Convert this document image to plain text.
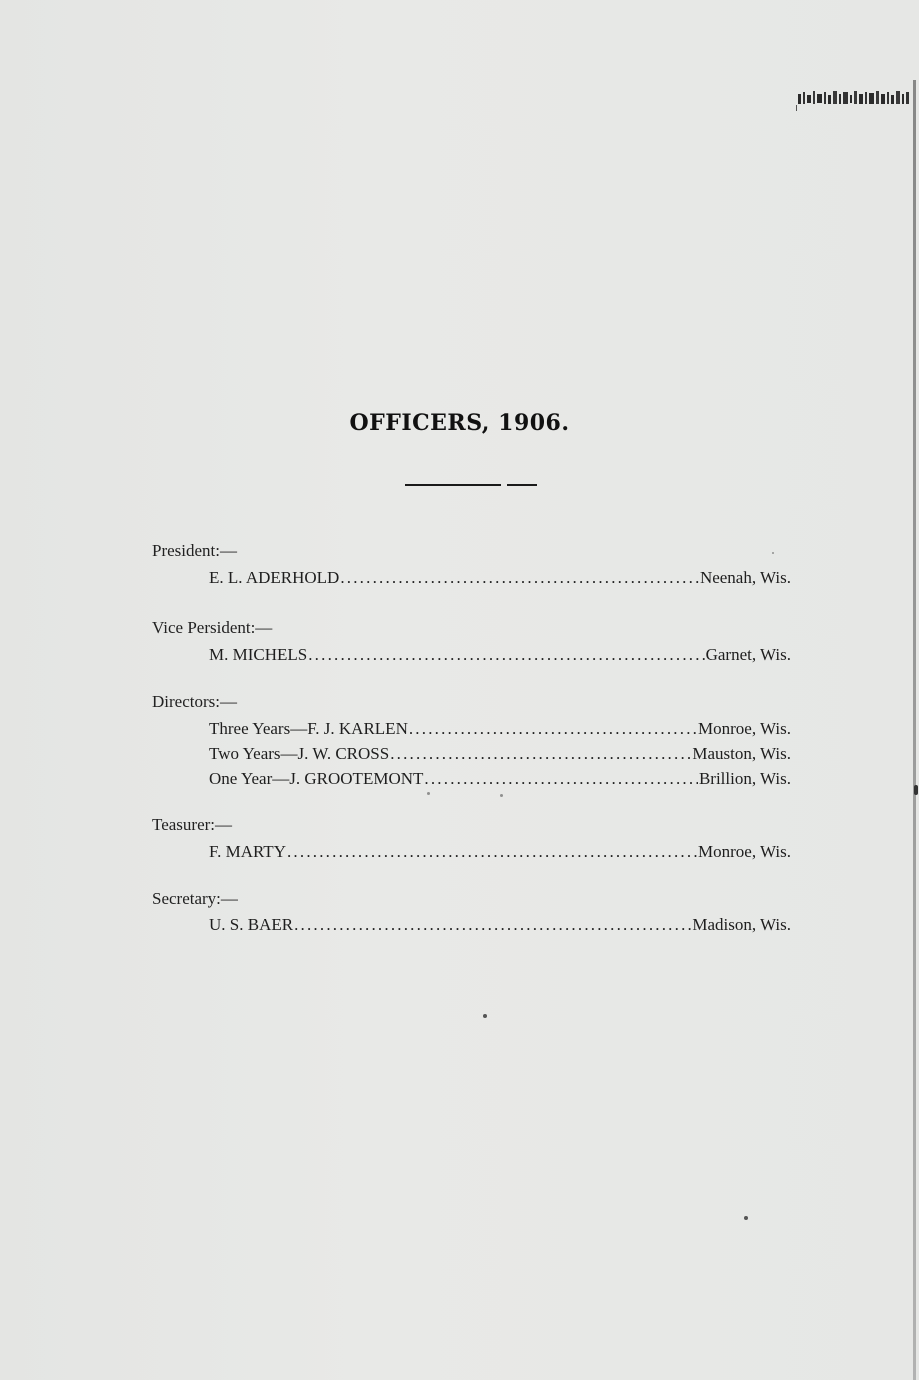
OFFICERS, 1906.
President:—
E. L. ADERHOLD .....	Neenah, Wis.
Vice Persident:—
M. MICHELS .....	Garnet, Wis.
Directors:—
Three Years—F. J. KARLEN .....	Monroe, Wis.
Two Years—J. W. CROSS .....	Mauston, Wis.
One Year—J. GROOTEMONT .....	Brillion, Wis.
Teasurer:—
F. MARTY .....	Monroe, Wis.
Secretary:—
U. S. BAER .....	Madison, Wis.
